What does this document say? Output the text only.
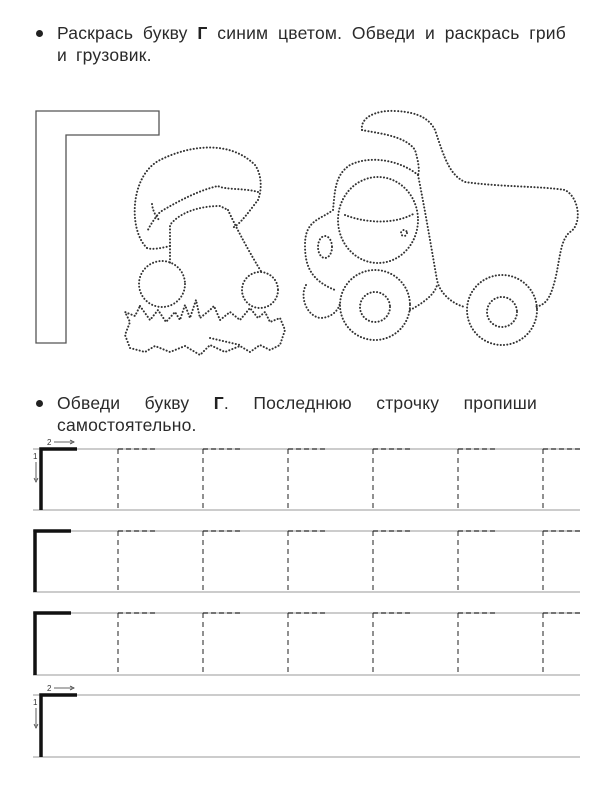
Раскрась букву Г синим цветом. Обведи и раскрась гриб и грузовик.
Обведи букву Г. Последнюю строчку пропиши самостоятельно.
2
1
2
1
